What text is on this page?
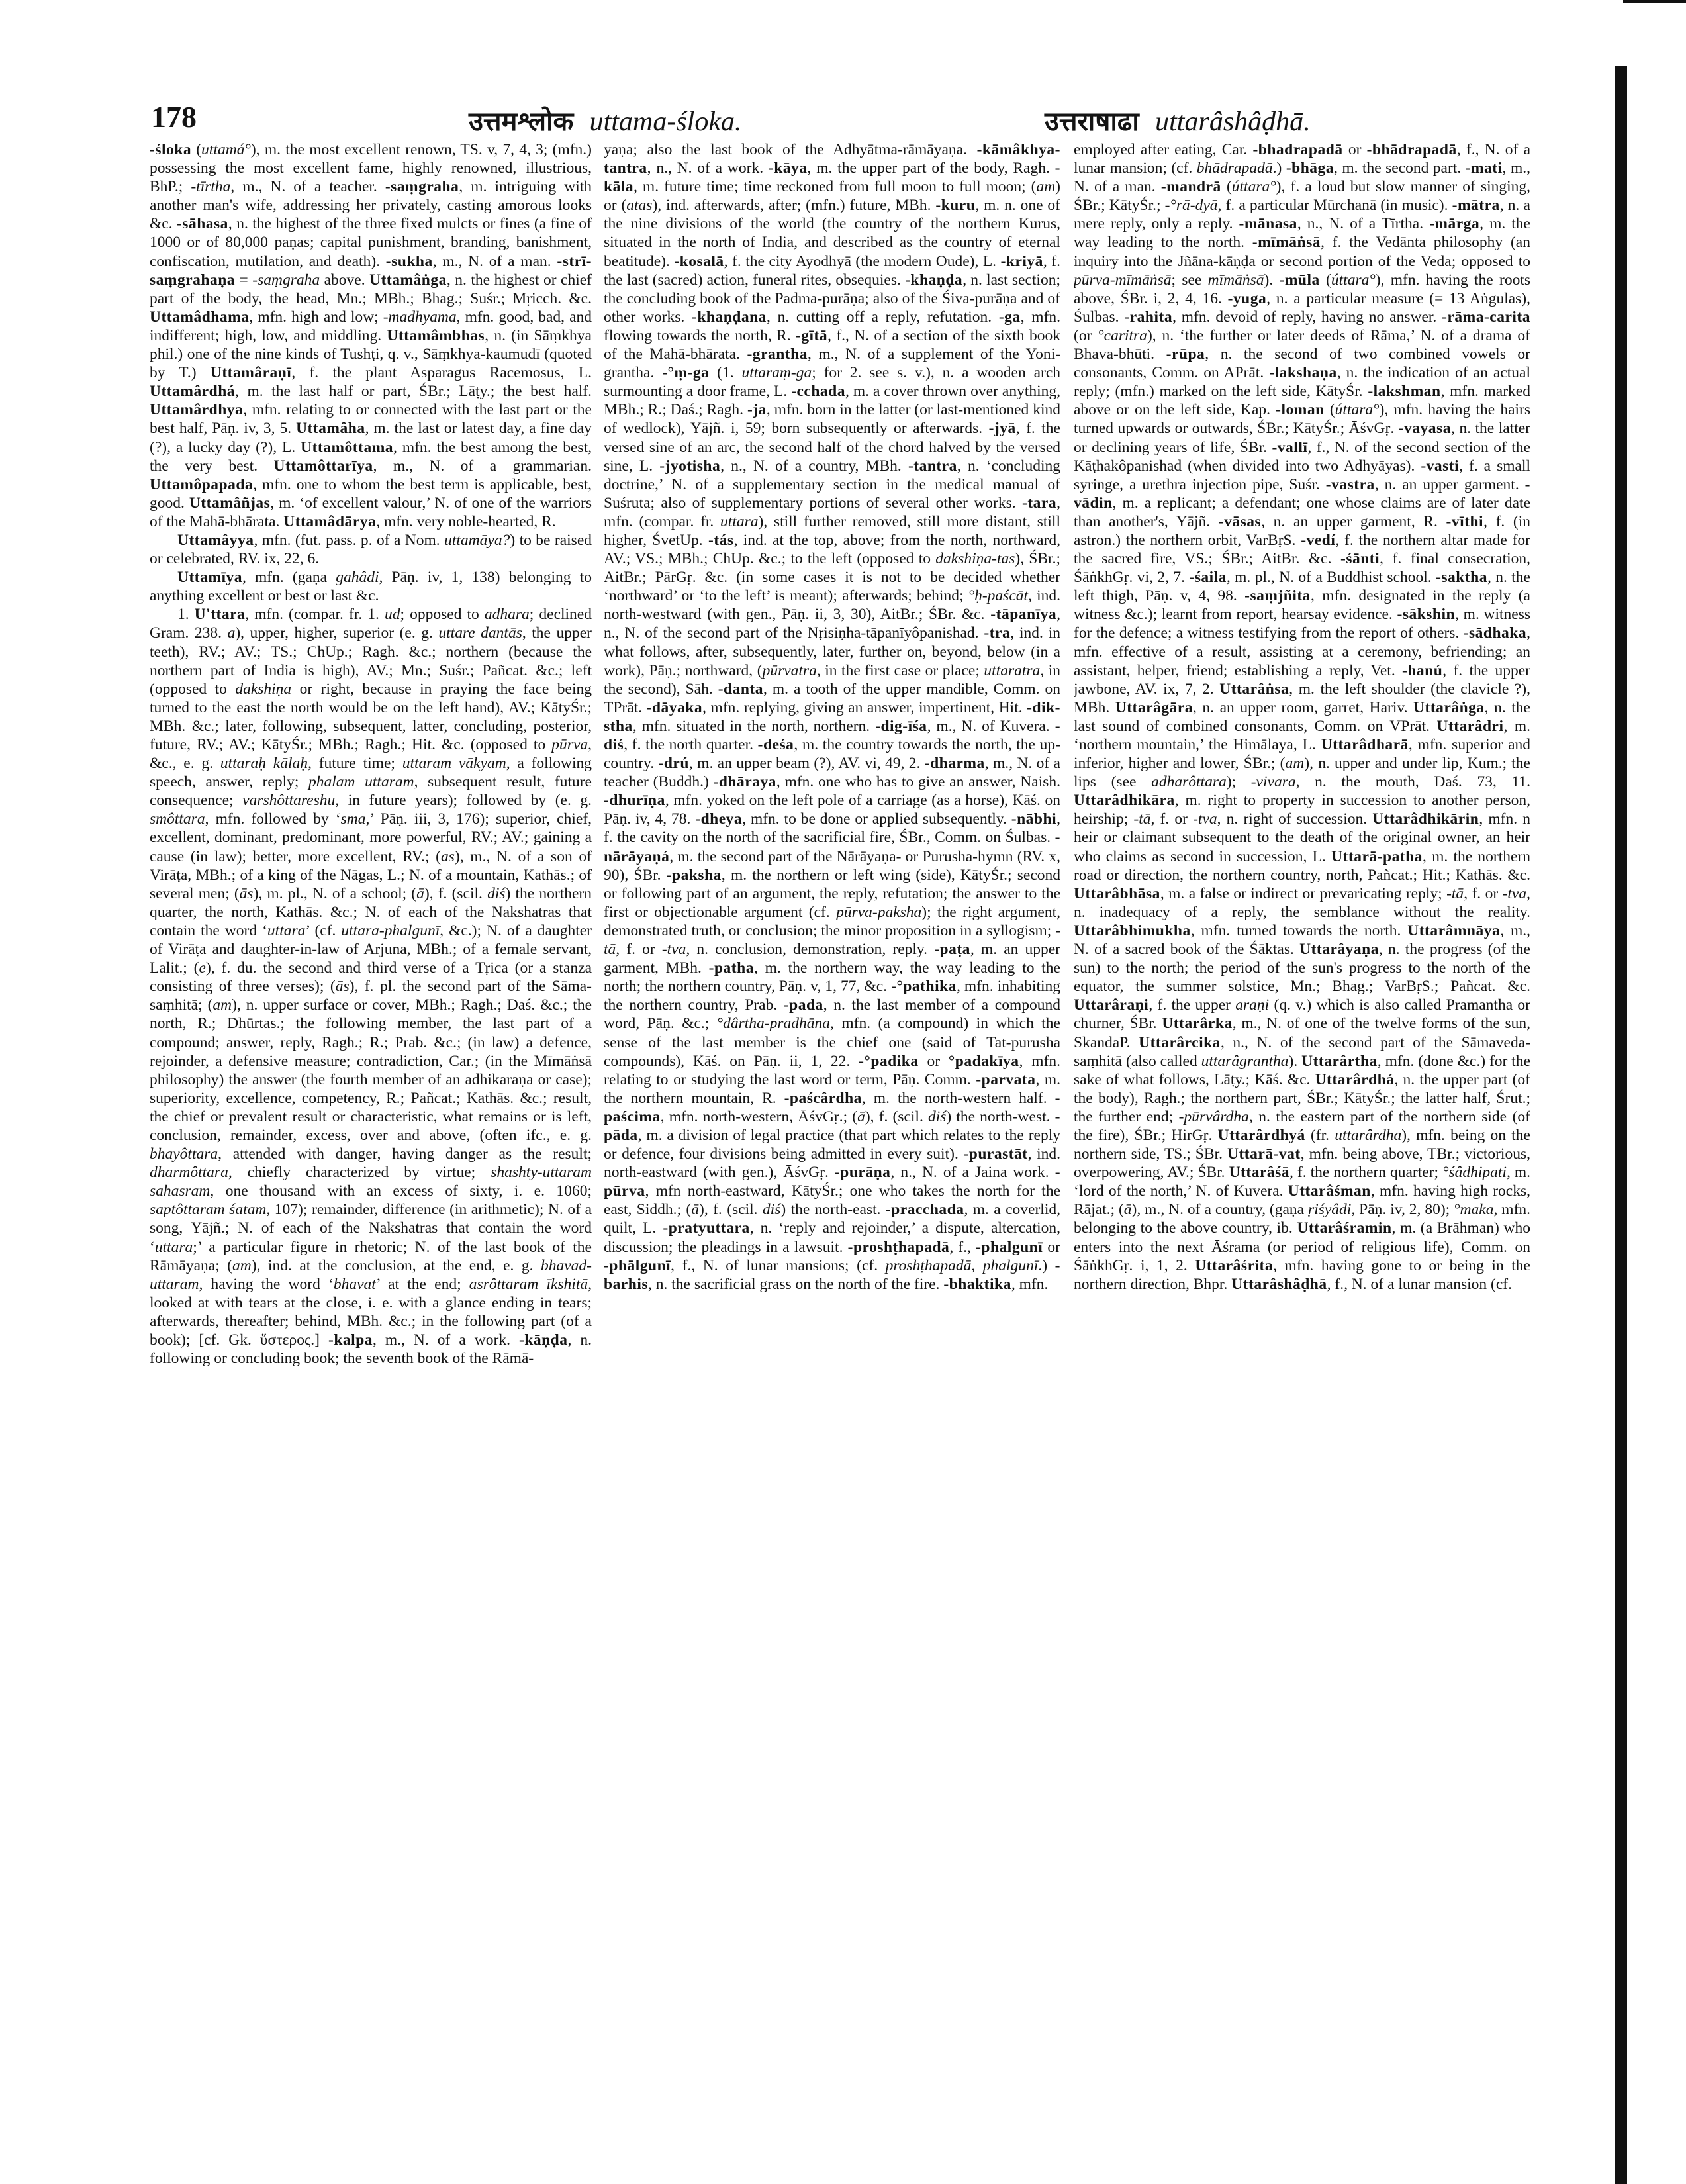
178	उत्तमश्लोक uttama-śloka.	उत्तराषाढा uttarâshâḍhā.

-śloka (uttamá°), m. the most excellent renown, TS. v, 7, 4, 3; (mfn.) possessing the most excellent fame, highly renowned, illustrious, BhP.; -tīrtha, m., N. of a teacher. -saṃgraha, m. intriguing with another man's wife, addressing her privately, casting amorous looks &c. -sāhasa, n. the highest of the three fixed mulcts or fines (a fine of 1000 or of 80,000 paṇas; capital punishment, branding, banishment, confiscation, mutilation, and death). -sukha, m., N. of a man. -strī-saṃgrahaṇa = -saṃgraha above. Uttamâṅga, n. the highest or chief part of the body, the head, Mn.; MBh.; Bhag.; Suśr.; Mṛicch. &c. Uttamâdhama, mfn. high and low; -madhyama, mfn. good, bad, and indifferent; high, low, and middling. Uttamâmbhas, n. (in Sāṃkhya phil.) one of the nine kinds of Tushṭi, q. v., Sāṃkhya-kaumudī (quoted by T.) Uttamâraṇī, f. the plant Asparagus Racemosus, L. Uttamârdhá, m. the last half or part, ŚBr.; Lāṭy.; the best half. Uttamârdhya, mfn. relating to or connected with the last part or the best half, Pāṇ. iv, 3, 5. Uttamâha, m. the last or latest day, a fine day (?), a lucky day (?), L. Uttamôttama, mfn. the best among the best, the very best. Uttamôttarīya, m., N. of a grammarian. Uttamôpapada, mfn. one to whom the best term is applicable, best, good. Uttamâñjas, m. ‘of excellent valour,’ N. of one of the warriors of the Mahā-bhārata. Uttamâdārya, mfn. very noble-hearted, R.

Uttamâyya, mfn. (fut. pass. p. of a Nom. uttamāya?) to be raised or celebrated, RV. ix, 22, 6.

Uttamīya, mfn. (gaṇa gahâdi, Pāṇ. iv, 1, 138) belonging to anything excellent or best or last &c.

1. U'ttara, mfn. (compar. fr. 1. ud; opposed to adhara; declined Gram. 238. a), upper, higher, superior (e. g. uttare dantās, the upper teeth), RV.; AV.; TS.; ChUp.; Ragh. &c.; northern (because the northern part of India is high), AV.; Mn.; Suśr.; Pañcat. &c.; left (opposed to dakshiṇa or right, because in praying the face being turned to the east the north would be on the left hand), AV.; KātyŚr.; MBh. &c.; later, following, subsequent, latter, concluding, posterior, future, RV.; AV.; KātyŚr.; MBh.; Ragh.; Hit. &c. (opposed to pūrva, &c., e. g. uttaraḥ kālaḥ, future time; uttaram vākyam, a following speech, answer, reply; phalam uttaram, subsequent result, future consequence; varshôttareshu, in future years); followed by (e. g. smôttara, mfn. followed by ‘sma,’ Pāṇ. iii, 3, 176); superior, chief, excellent, dominant, predominant, more powerful, RV.; AV.; gaining a cause (in law); better, more excellent, RV.; (as), m., N. of a son of Virāṭa, MBh.; of a king of the Nāgas, L.; N. of a mountain, Kathās.; of several men; (ās), m. pl., N. of a school; (ā), f. (scil. diś) the northern quarter, the north, Kathās. &c.; N. of each of the Nakshatras that contain the word ‘uttara’ (cf. uttara-phalgunī, &c.); N. of a daughter of Virāṭa and daughter-in-law of Arjuna, MBh.; of a female servant, Lalit.; (e), f. du. the second and third verse of a Tṛica (or a stanza consisting of three verses); (ās), f. pl. the second part of the Sāma-saṃhitā; (am), n. upper surface or cover, MBh.; Ragh.; Daś. &c.; the north, R.; Dhūrtas.; the following member, the last part of a compound; answer, reply, Ragh.; R.; Prab. &c.; (in law) a defence, rejoinder, a defensive measure; contradiction, Car.; (in the Mīmāṅsā philosophy) the answer (the fourth member of an adhikaraṇa or case); superiority, excellence, competency, R.; Pañcat.; Kathās. &c.; result, the chief or prevalent result or characteristic, what remains or is left, conclusion, remainder, excess, over and above, (often ifc., e. g. bhayôttara, attended with danger, having danger as the result; dharmôttara, chiefly characterized by virtue; shashty-uttaram sahasram, one thousand with an excess of sixty, i. e. 1060; saptôttaram śatam, 107); remainder, difference (in arithmetic); N. of a song, Yājñ.; N. of each of the Nakshatras that contain the word ‘uttara;’ a particular figure in rhetoric; N. of the last book of the Rāmāyaṇa; (am), ind. at the conclusion, at the end, e. g. bhavad-uttaram, having the word ‘bhavat’ at the end; asrôttaram īkshitā, looked at with tears at the close, i. e. with a glance ending in tears; afterwards, thereafter; behind, MBh. &c.; in the following part (of a book); [cf. Gk. ὕστερος.] -kalpa, m., N. of a work. -kāṇḍa, n. following or concluding book; the seventh book of the Rāmā-

yaṇa; also the last book of the Adhyātma-rāmāyaṇa. -kāmâkhya-tantra, n., N. of a work. -kāya, m. the upper part of the body, Ragh. -kāla, m. future time; time reckoned from full moon to full moon; (am) or (atas), ind. afterwards, after; (mfn.) future, MBh. -kuru, m. n. one of the nine divisions of the world (the country of the northern Kurus, situated in the north of India, and described as the country of eternal beatitude). -kosalā, f. the city Ayodhyā (the modern Oude), L. -kriyā, f. the last (sacred) action, funeral rites, obsequies. -khaṇḍa, n. last section; the concluding book of the Padma-purāṇa; also of the Śiva-purāṇa and of other works. -khaṇḍana, n. cutting off a reply, refutation. -ga, mfn. flowing towards the north, R. -gītā, f., N. of a section of the sixth book of the Mahā-bhārata. -grantha, m., N. of a supplement of the Yoni-grantha. -°ṃ-ga (1. uttaraṃ-ga; for 2. see s. v.), n. a wooden arch surmounting a door frame, L. -cchada, m. a cover thrown over anything, MBh.; R.; Daś.; Ragh. -ja, mfn. born in the latter (or last-mentioned kind of wedlock), Yājñ. i, 59; born subsequently or afterwards. -jyā, f. the versed sine of an arc, the second half of the chord halved by the versed sine, L. -jyotisha, n., N. of a country, MBh. -tantra, n. ‘concluding doctrine,’ N. of a supplementary section in the medical manual of Suśruta; also of supplementary portions of several other works. -tara, mfn. (compar. fr. uttara), still further removed, still more distant, still higher, ŚvetUp. -tás, ind. at the top, above; from the north, northward, AV.; VS.; MBh.; ChUp. &c.; to the left (opposed to dakshiṇa-tas), ŚBr.; AitBr.; PārGṛ. &c. (in some cases it is not to be decided whether ‘northward’ or ‘to the left’ is meant); afterwards; behind; °ḥ-paścāt, ind. north-westward (with gen., Pāṇ. ii, 3, 30), AitBr.; ŚBr. &c. -tāpanīya, n., N. of the second part of the Nṛisiṇha-tāpanīyôpanishad. -tra, ind. in what follows, after, subsequently, later, further on, beyond, below (in a work), Pāṇ.; northward, (pūrvatra, in the first case or place; uttaratra, in the second), Sāh. -danta, m. a tooth of the upper mandible, Comm. on TPrāt. -dāyaka, mfn. replying, giving an answer, impertinent, Hit. -dik-stha, mfn. situated in the north, northern. -dig-īśa, m., N. of Kuvera. -diś, f. the north quarter. -deśa, m. the country towards the north, the up-country. -drú, m. an upper beam (?), AV. vi, 49, 2. -dharma, m., N. of a teacher (Buddh.) -dhāraya, mfn. one who has to give an answer, Naish. -dhurīṇa, mfn. yoked on the left pole of a carriage (as a horse), Kāś. on Pāṇ. iv, 4, 78. -dheya, mfn. to be done or applied subsequently. -nābhi, f. the cavity on the north of the sacrificial fire, ŚBr., Comm. on Śulbas. -nārāyaṇá, m. the second part of the Nārāyaṇa- or Purusha-hymn (RV. x, 90), ŚBr. -paksha, m. the northern or left wing (side), KātyŚr.; second or following part of an argument, the reply, refutation; the answer to the first or objectionable argument (cf. pūrva-paksha); the right argument, demonstrated truth, or conclusion; the minor proposition in a syllogism; -tā, f. or -tva, n. conclusion, demonstration, reply. -paṭa, m. an upper garment, MBh. -patha, m. the northern way, the way leading to the north; the northern country, Pāṇ. v, 1, 77, &c. -°pathika, mfn. inhabiting the northern country, Prab. -pada, n. the last member of a compound word, Pāṇ. &c.; °dârtha-pradhāna, mfn. (a compound) in which the sense of the last member is the chief one (said of Tat-purusha compounds), Kāś. on Pāṇ. ii, 1, 22. -°padika or °padakīya, mfn. relating to or studying the last word or term, Pāṇ. Comm. -parvata, m. the northern mountain, R. -paścârdha, m. the north-western half. -paścima, mfn. north-western, ĀśvGṛ.; (ā), f. (scil. diś) the north-west. -pāda, m. a division of legal practice (that part which relates to the reply or defence, four divisions being admitted in every suit). -purastāt, ind. north-eastward (with gen.), ĀśvGṛ. -purāṇa, n., N. of a Jaina work. -pūrva, mfn north-eastward, KātyŚr.; one who takes the north for the east, Siddh.; (ā), f. (scil. diś) the north-east. -pracchada, m. a coverlid, quilt, L. -pratyuttara, n. ‘reply and rejoinder,’ a dispute, altercation, discussion; the pleadings in a lawsuit. -proshṭhapadā, f., -phalgunī or -phālgunī, f., N. of lunar mansions; (cf. proshṭhapadā, phalgunī.) -barhis, n. the sacrificial grass on the north of the fire. -bhaktika, mfn.

employed after eating, Car. -bhadrapadā or -bhādrapadā, f., N. of a lunar mansion; (cf. bhādrapadā.) -bhāga, m. the second part. -mati, m., N. of a man. -mandrā (úttara°), f. a loud but slow manner of singing, ŚBr.; KātyŚr.; -°rā-dyā, f. a particular Mūrchanā (in music). -mātra, n. a mere reply, only a reply. -mānasa, n., N. of a Tīrtha. -mārga, m. the way leading to the north. -mīmāṅsā, f. the Vedānta philosophy (an inquiry into the Jñāna-kāṇḍa or second portion of the Veda; opposed to pūrva-mīmāṅsā; see mīmāṅsā). -mūla (úttara°), mfn. having the roots above, ŚBr. i, 2, 4, 16. -yuga, n. a particular measure (= 13 Aṅgulas), Śulbas. -rahita, mfn. devoid of reply, having no answer. -rāma-carita (or °caritra), n. ‘the further or later deeds of Rāma,’ N. of a drama of Bhava-bhūti. -rūpa, n. the second of two combined vowels or consonants, Comm. on APrāt. -lakshaṇa, n. the indication of an actual reply; (mfn.) marked on the left side, KātyŚr. -lakshman, mfn. marked above or on the left side, Kap. -loman (úttara°), mfn. having the hairs turned upwards or outwards, ŚBr.; KātyŚr.; ĀśvGṛ. -vayasa, n. the latter or declining years of life, ŚBr. -vallī, f., N. of the second section of the Kāṭhakôpanishad (when divided into two Adhyāyas). -vasti, f. a small syringe, a urethra injection pipe, Suśr. -vastra, n. an upper garment. -vādin, m. a replicant; a defendant; one whose claims are of later date than another's, Yājñ. -vāsas, n. an upper garment, R. -vīthi, f. (in astron.) the northern orbit, VarBṛS. -vedí, f. the northern altar made for the sacred fire, VS.; ŚBr.; AitBr. &c. -śānti, f. final consecration, ŚāṅkhGṛ. vi, 2, 7. -śaila, m. pl., N. of a Buddhist school. -saktha, n. the left thigh, Pāṇ. v, 4, 98. -saṃjñita, mfn. designated in the reply (a witness &c.); learnt from report, hearsay evidence. -sākshin, m. witness for the defence; a witness testifying from the report of others. -sādhaka, mfn. effective of a result, assisting at a ceremony, befriending; an assistant, helper, friend; establishing a reply, Vet. -hanú, f. the upper jawbone, AV. ix, 7, 2. Uttarâṅsa, m. the left shoulder (the clavicle ?), MBh. Uttarâgāra, n. an upper room, garret, Hariv. Uttarâṅga, n. the last sound of combined consonants, Comm. on VPrāt. Uttarâdri, m. ‘northern mountain,’ the Himālaya, L. Uttarâdharā, mfn. superior and inferior, higher and lower, ŚBr.; (am), n. upper and under lip, Kum.; the lips (see adharôttara); -vivara, n. the mouth, Daś. 73, 11. Uttarâdhikāra, m. right to property in succession to another person, heirship; -tā, f. or -tva, n. right of succession. Uttarâdhikārin, mfn. n heir or claimant subsequent to the death of the original owner, an heir who claims as second in succession, L. Uttarā-patha, m. the northern road or direction, the northern country, north, Pañcat.; Hit.; Kathās. &c. Uttarâbhāsa, m. a false or indirect or prevaricating reply; -tā, f. or -tva, n. inadequacy of a reply, the semblance without the reality. Uttarâbhimukha, mfn. turned towards the north. Uttarâmnāya, m., N. of a sacred book of the Śāktas. Uttarâyaṇa, n. the progress (of the sun) to the north; the period of the sun's progress to the north of the equator, the summer solstice, Mn.; Bhag.; VarBṛS.; Pañcat. &c. Uttarâraṇi, f. the upper araṇi (q. v.) which is also called Pramantha or churner, ŚBr. Uttarârka, m., N. of one of the twelve forms of the sun, SkandaP. Uttarârcika, n., N. of the second part of the Sāmaveda-saṃhitā (also called uttarâgrantha). Uttarârtha, mfn. (done &c.) for the sake of what follows, Lāṭy.; Kāś. &c. Uttarârdhá, n. the upper part (of the body), Ragh.; the northern part, ŚBr.; KātyŚr.; the latter half, Śrut.; the further end; -pūrvârdha, n. the eastern part of the northern side (of the fire), ŚBr.; HirGṛ. Uttarârdhyá (fr. uttarârdha), mfn. being on the northern side, TS.; ŚBr. Uttarā-vat, mfn. being above, TBr.; victorious, overpowering, AV.; ŚBr. Uttarâśā, f. the northern quarter; °śâdhipati, m. ‘lord of the north,’ N. of Kuvera. Uttarâśman, mfn. having high rocks, Rājat.; (ā), m., N. of a country, (gaṇa ṛiśyâdi, Pāṇ. iv, 2, 80); °maka, mfn. belonging to the above country, ib. Uttarâśramin, m. (a Brāhman) who enters into the next Āśrama (or period of religious life), Comm. on ŚāṅkhGṛ. i, 1, 2. Uttarâśrita, mfn. having gone to or being in the northern direction, Bhpr. Uttarâshâḍhā, f., N. of a lunar mansion (cf.
